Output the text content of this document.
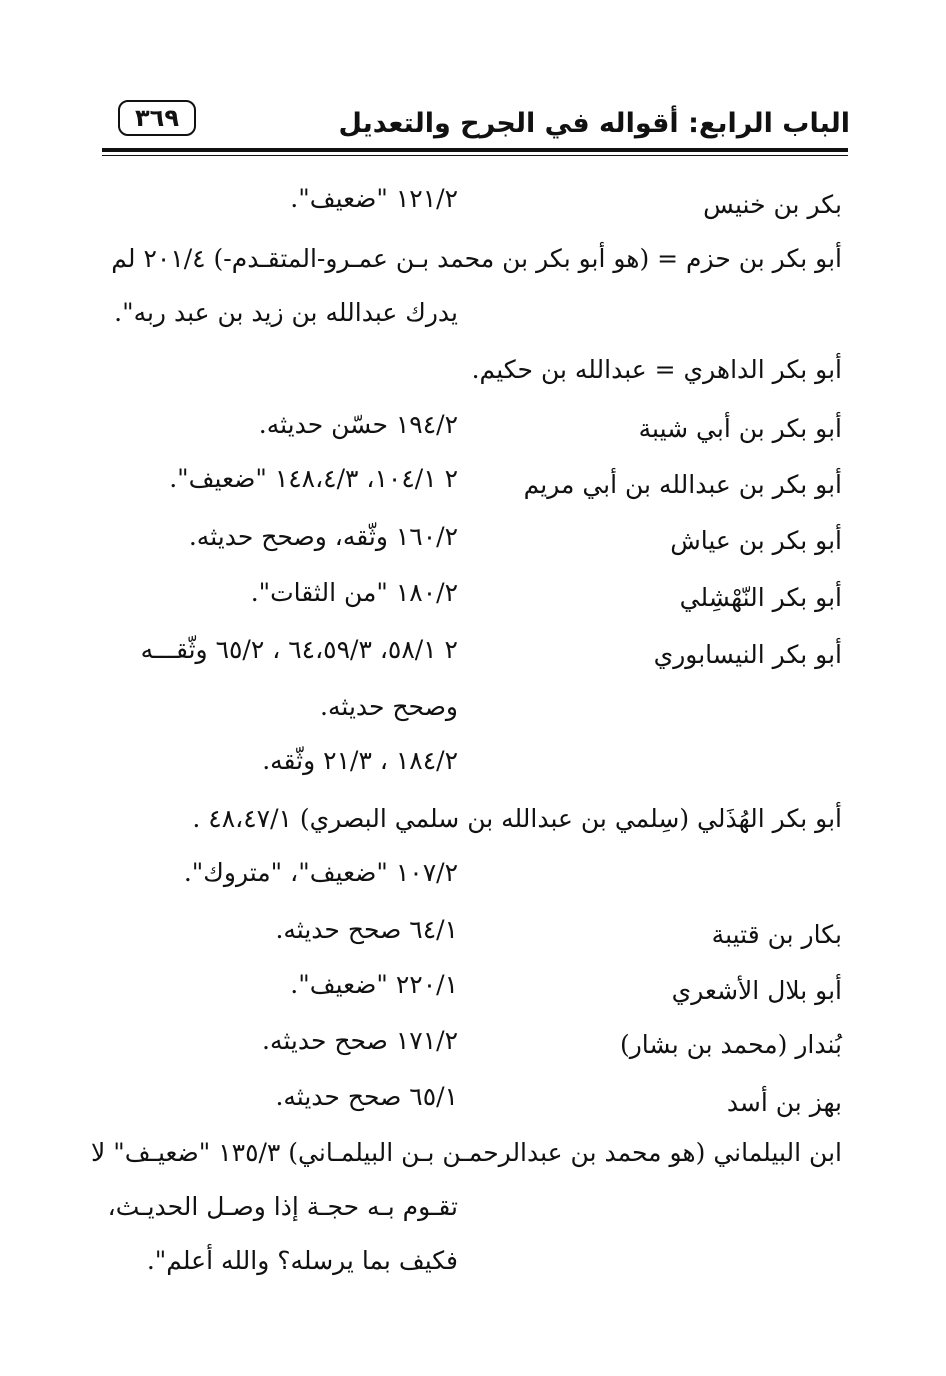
الباب الرابع: أقواله في الجرح والتعديل
٣٦٩
بكر بن خنيس
١٢١/٢ "ضعيف".
أبو بكر بن حزم = (هو أبو بكر بن محمد بـن عمـرو-المتقـدم-) ٢٠١/٤ لم
يدرك عبدالله بن زيد بن عبد ربه".
أبو بكر الداهري = عبدالله بن حكيم.
أبو بكر بن أبي شيبة
١٩٤/٢ حسّن حديثه.
أبو بكر بن عبدالله بن أبي مريم
١٠٤/١ ٢، ١٤٨،٤/٣ "ضعيف".
أبو بكر بن عياش
١٦٠/٢ وثّقه، وصحح حديثه.
أبو بكر النّهْشِلي
١٨٠/٢ "من الثقات".
أبو بكر النيسابوري
٥٨/١ ٢، ٦٤،٥٩/٣ ، ٦٥/٢ وثّقـــه
وصحح حديثه.
١٨٤/٢ ، ٢١/٣ وثّقه.
أبو بكر الهُذَلي (سِلمي بن عبدالله بن سلمي البصري) ٤٨،٤٧/١ .
١٠٧/٢ "ضعيف"، "متروك".
بكار بن قتيبة
٦٤/١ صحح حديثه.
أبو بلال الأشعري
٢٢٠/١ "ضعيف".
بُندار (محمد بن بشار)
١٧١/٢ صحح حديثه.
بهز بن أسد
٦٥/١ صحح حديثه.
ابن البيلماني (هو محمد بن عبدالرحمـن بـن البيلمـاني) ١٣٥/٣ "ضعيـف" لا
تقـوم بـه حجـة إذا وصـل الحديـث،
فكيف بما يرسله؟ والله أعلم".
